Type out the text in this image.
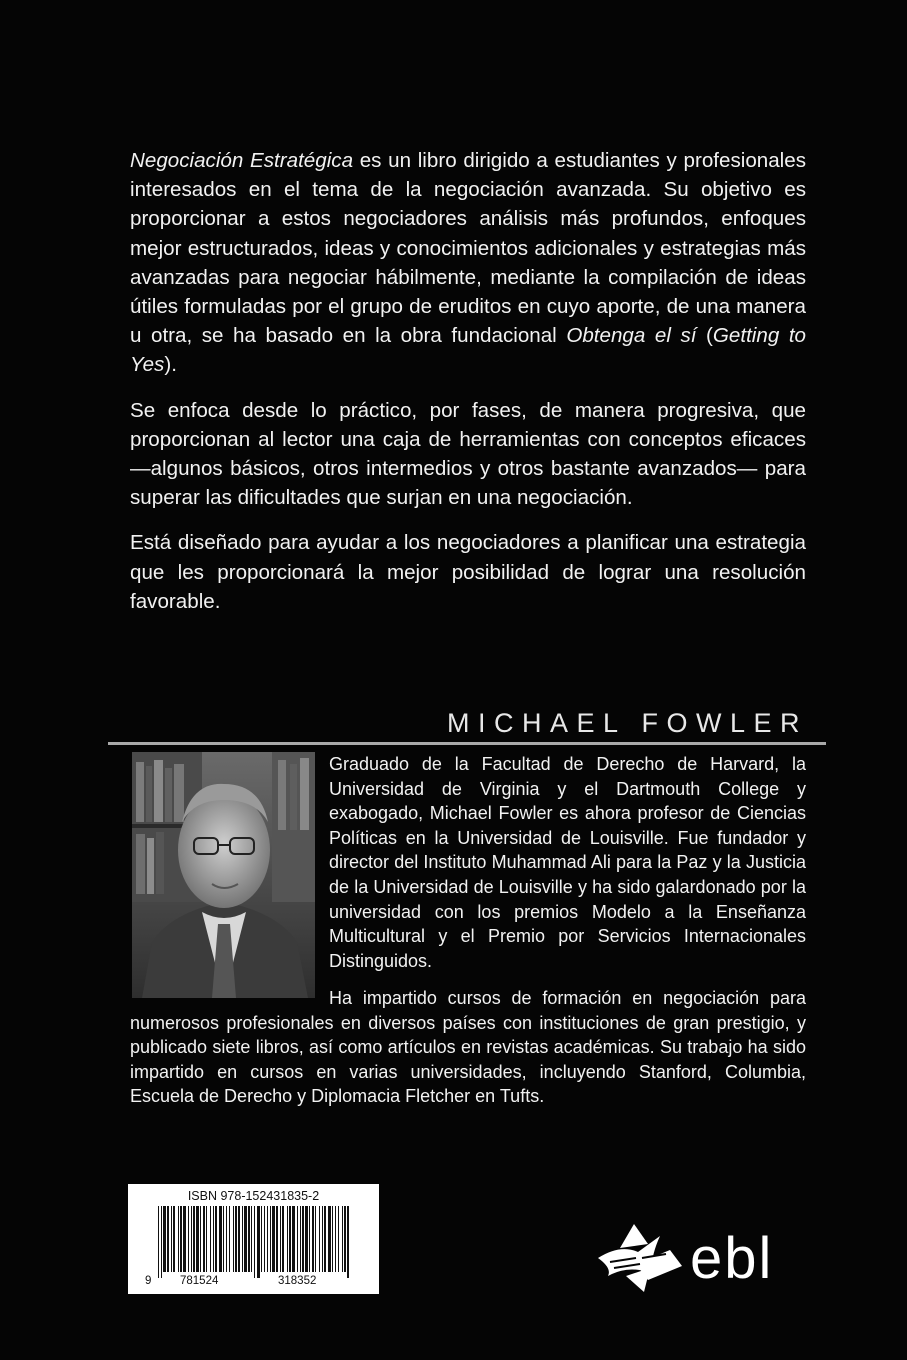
Negociación Estratégica es un libro dirigido a estudiantes y profesionales interesados en el tema de la negociación avanzada. Su objetivo es proporcionar a estos negociadores análisis más profundos, enfoques mejor estructurados, ideas y conocimientos adicionales y estrategias más avanzadas para negociar hábilmente, mediante la compilación de ideas útiles formuladas por el grupo de eruditos en cuyo aporte, de una manera u otra, se ha basado en la obra fundacional Obtenga el sí (Getting to Yes).

Se enfoca desde lo práctico, por fases, de manera progresiva, que proporcionan al lector una caja de herramientas con conceptos eficaces —algunos básicos, otros intermedios y otros bastante avanzados— para superar las dificultades que surjan en una negociación.

Está diseñado para ayudar a los negociadores a planificar una estrategia que les proporcionará la mejor posibilidad de lograr una resolución favorable.

MICHAEL FOWLER
Graduado de la Facultad de Derecho de Harvard, la Universidad de Virginia y el Dartmouth College y exabogado, Michael Fowler es ahora profesor de Ciencias Políticas en la Universidad de Louisville. Fue fundador y director del Instituto Muhammad Ali para la Paz y la Justicia de la Universidad de Louisville y ha sido galardonado por la universidad con los premios Modelo a la Enseñanza Multicultural y el Premio por Servicios Internacionales Distinguidos.
Ha impartido cursos de formación en negociación para numerosos profesionales en diversos países con instituciones de gran prestigio, y publicado siete libros, así como artículos en revistas académicas. Su trabajo ha sido impartido en cursos en varias universidades, incluyendo Stanford, Columbia, Escuela de Derecho y Diplomacia Fletcher en Tufts.
ISBN 978-152431835-2
9 781524	318352	ebl
